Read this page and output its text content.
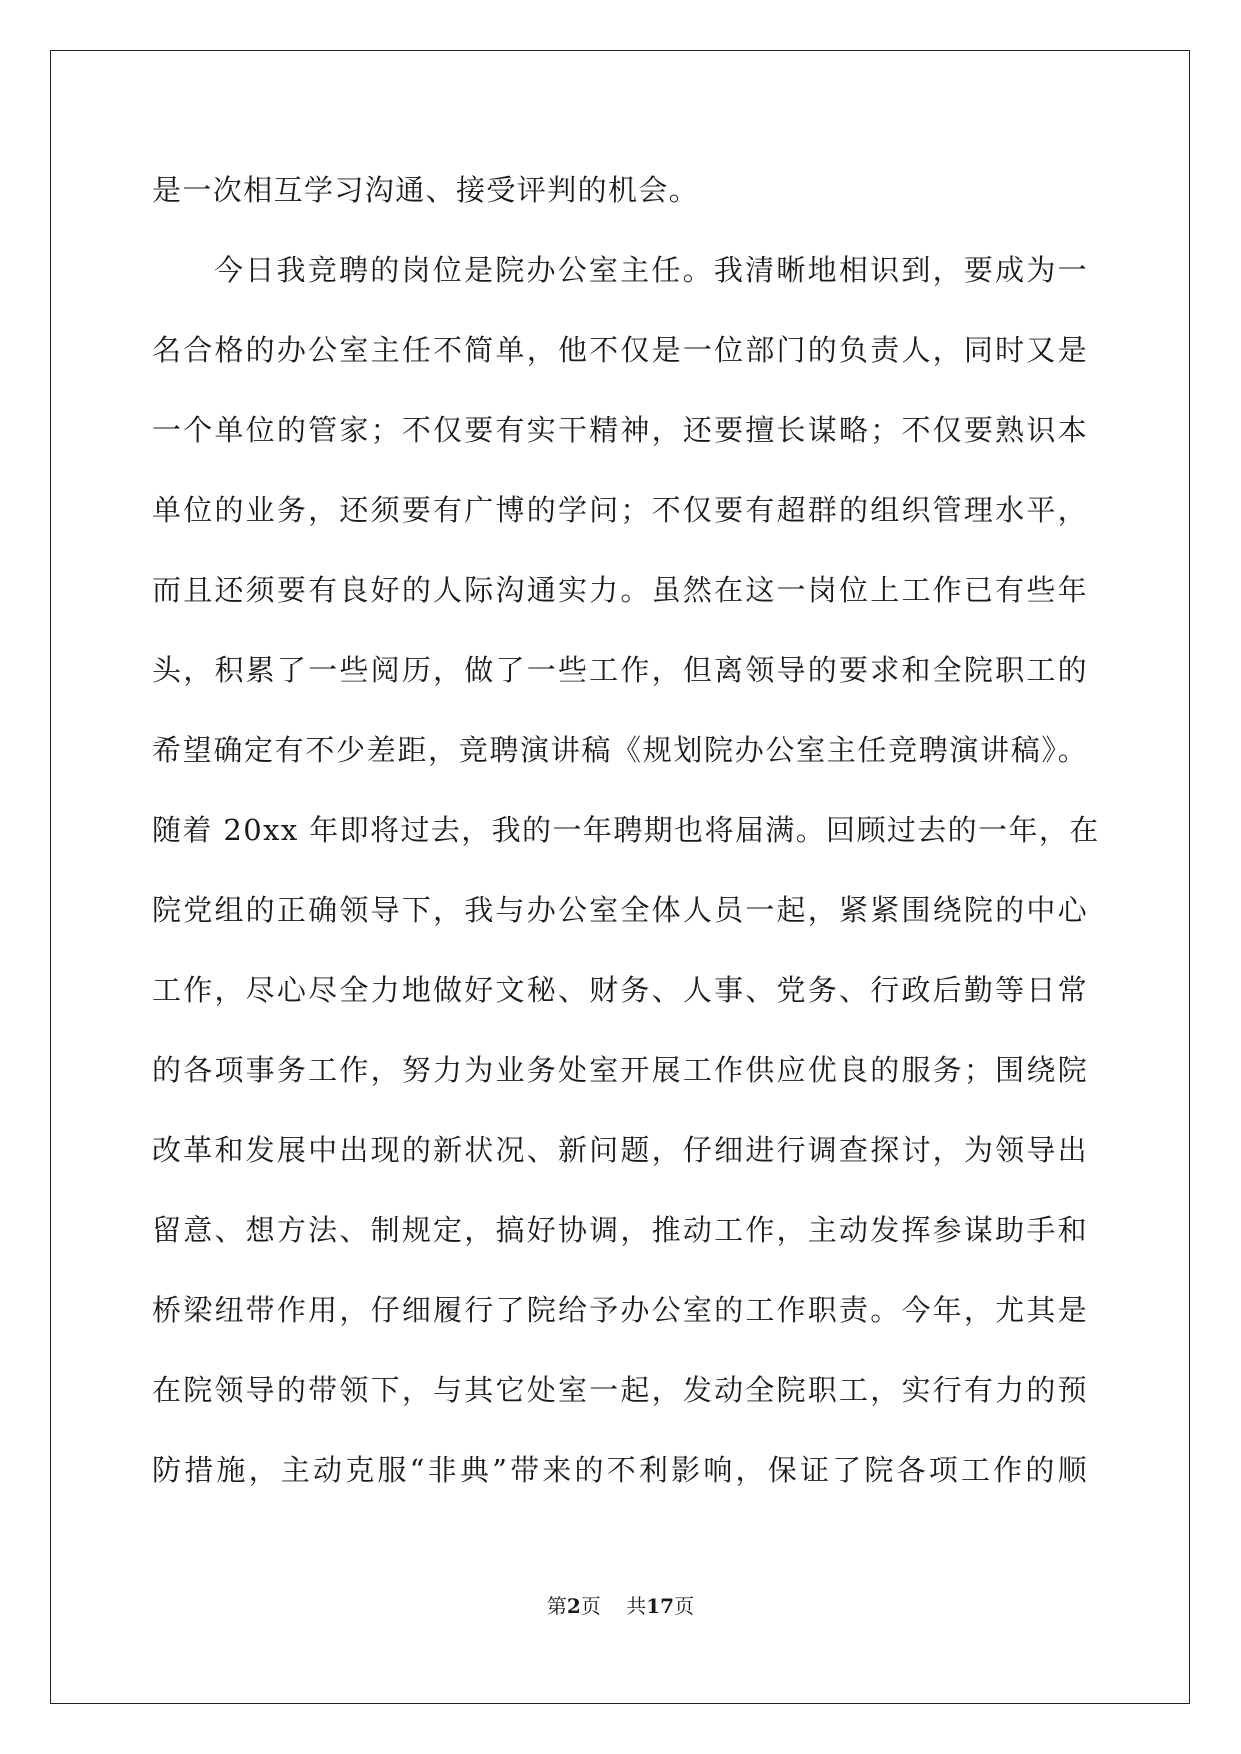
是一次相互学习沟通、接受评判的机会。
今日我竞聘的岗位是院办公室主任。我清晰地相识到，要成为一
名合格的办公室主任不简单，他不仅是一位部门的负责人，同时又是
一个单位的管家；不仅要有实干精神，还要擅长谋略；不仅要熟识本
单位的业务，还须要有广博的学问；不仅要有超群的组织管理水平，
而且还须要有良好的人际沟通实力。虽然在这一岗位上工作已有些年
头，积累了一些阅历，做了一些工作，但离领导的要求和全院职工的
希望确定有不少差距，竞聘演讲稿《规划院办公室主任竞聘演讲稿》。
随着 20xx 年即将过去，我的一年聘期也将届满。回顾过去的一年，在
院党组的正确领导下，我与办公室全体人员一起，紧紧围绕院的中心
工作，尽心尽全力地做好文秘、财务、人事、党务、行政后勤等日常
的各项事务工作，努力为业务处室开展工作供应优良的服务；围绕院
改革和发展中出现的新状况、新问题，仔细进行调查探讨，为领导出
留意、想方法、制规定，搞好协调，推动工作，主动发挥参谋助手和
桥梁纽带作用，仔细履行了院给予办公室的工作职责。今年，尤其是
在院领导的带领下，与其它处室一起，发动全院职工，实行有力的预
防措施，主动克服“非典”带来的不利影响，保证了院各项工作的顺
第2页 共17页
